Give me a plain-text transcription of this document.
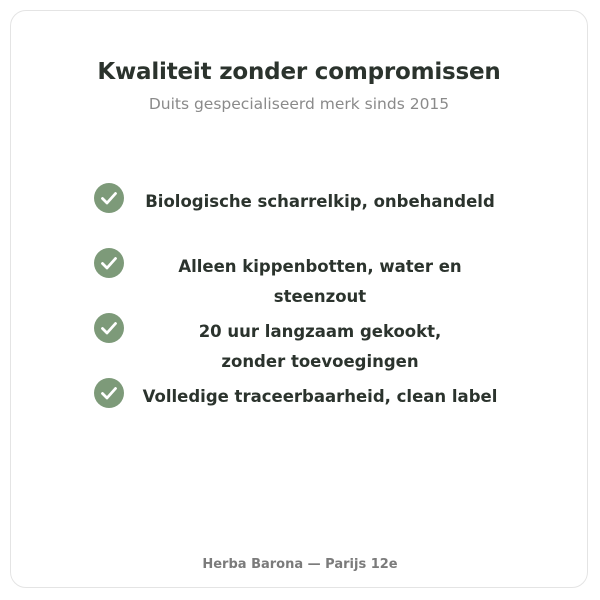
Kwaliteit zonder compromissen
Duits gespecialiseerd merk sinds 2015
Biologische scharrelkip, onbehandeld
Alleen kippenbotten, water en steenzout
20 uur langzaam gekookt, zonder toevoegingen
Volledige traceerbaarheid, clean label
Herba Barona — Parijs 12e
